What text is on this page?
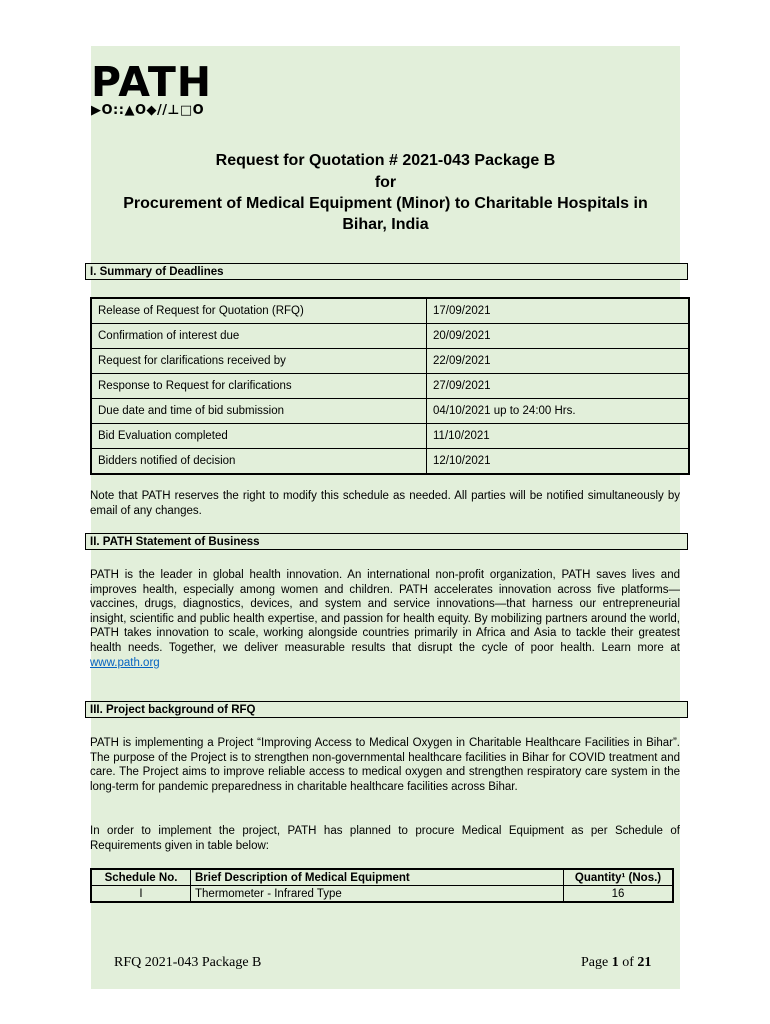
PATH
▶O::▲O◆//⊥□O
Request for Quotation # 2021-043 Package B
for
Procurement of Medical Equipment (Minor) to Charitable Hospitals in
Bihar, India
I. Summary of Deadlines
Release of Request for Quotation (RFQ)	17/09/2021
Confirmation of interest due	20/09/2021
Request for clarifications received by	22/09/2021
Response to Request for clarifications	27/09/2021
Due date and time of bid submission	04/10/2021 up to 24:00 Hrs.
Bid Evaluation completed	11/10/2021
Bidders notified of decision	12/10/2021
Note that PATH reserves the right to modify this schedule as needed. All parties will be notified simultaneously by email of any changes.
II. PATH Statement of Business
PATH is the leader in global health innovation. An international non-profit organization, PATH saves lives and improves health, especially among women and children. PATH accelerates innovation across five platforms—vaccines, drugs, diagnostics, devices, and system and service innovations—that harness our entrepreneurial insight, scientific and public health expertise, and passion for health equity. By mobilizing partners around the world, PATH takes innovation to scale, working alongside countries primarily in Africa and Asia to tackle their greatest health needs. Together, we deliver measurable results that disrupt the cycle of poor health. Learn more at www.path.org
III. Project background of RFQ
PATH is implementing a Project “Improving Access to Medical Oxygen in Charitable Healthcare Facilities in Bihar”. The purpose of the Project is to strengthen non-governmental healthcare facilities in Bihar for COVID treatment and care. The Project aims to improve reliable access to medical oxygen and strengthen respiratory care system in the long-term for pandemic preparedness in charitable healthcare facilities across Bihar.
In order to implement the project, PATH has planned to procure Medical Equipment as per Schedule of Requirements given in table below:
Schedule No.	Brief Description of Medical Equipment	Quantity¹ (Nos.)
I	Thermometer - Infrared Type	16
RFQ 2021-043 Package B	Page 1 of 21
